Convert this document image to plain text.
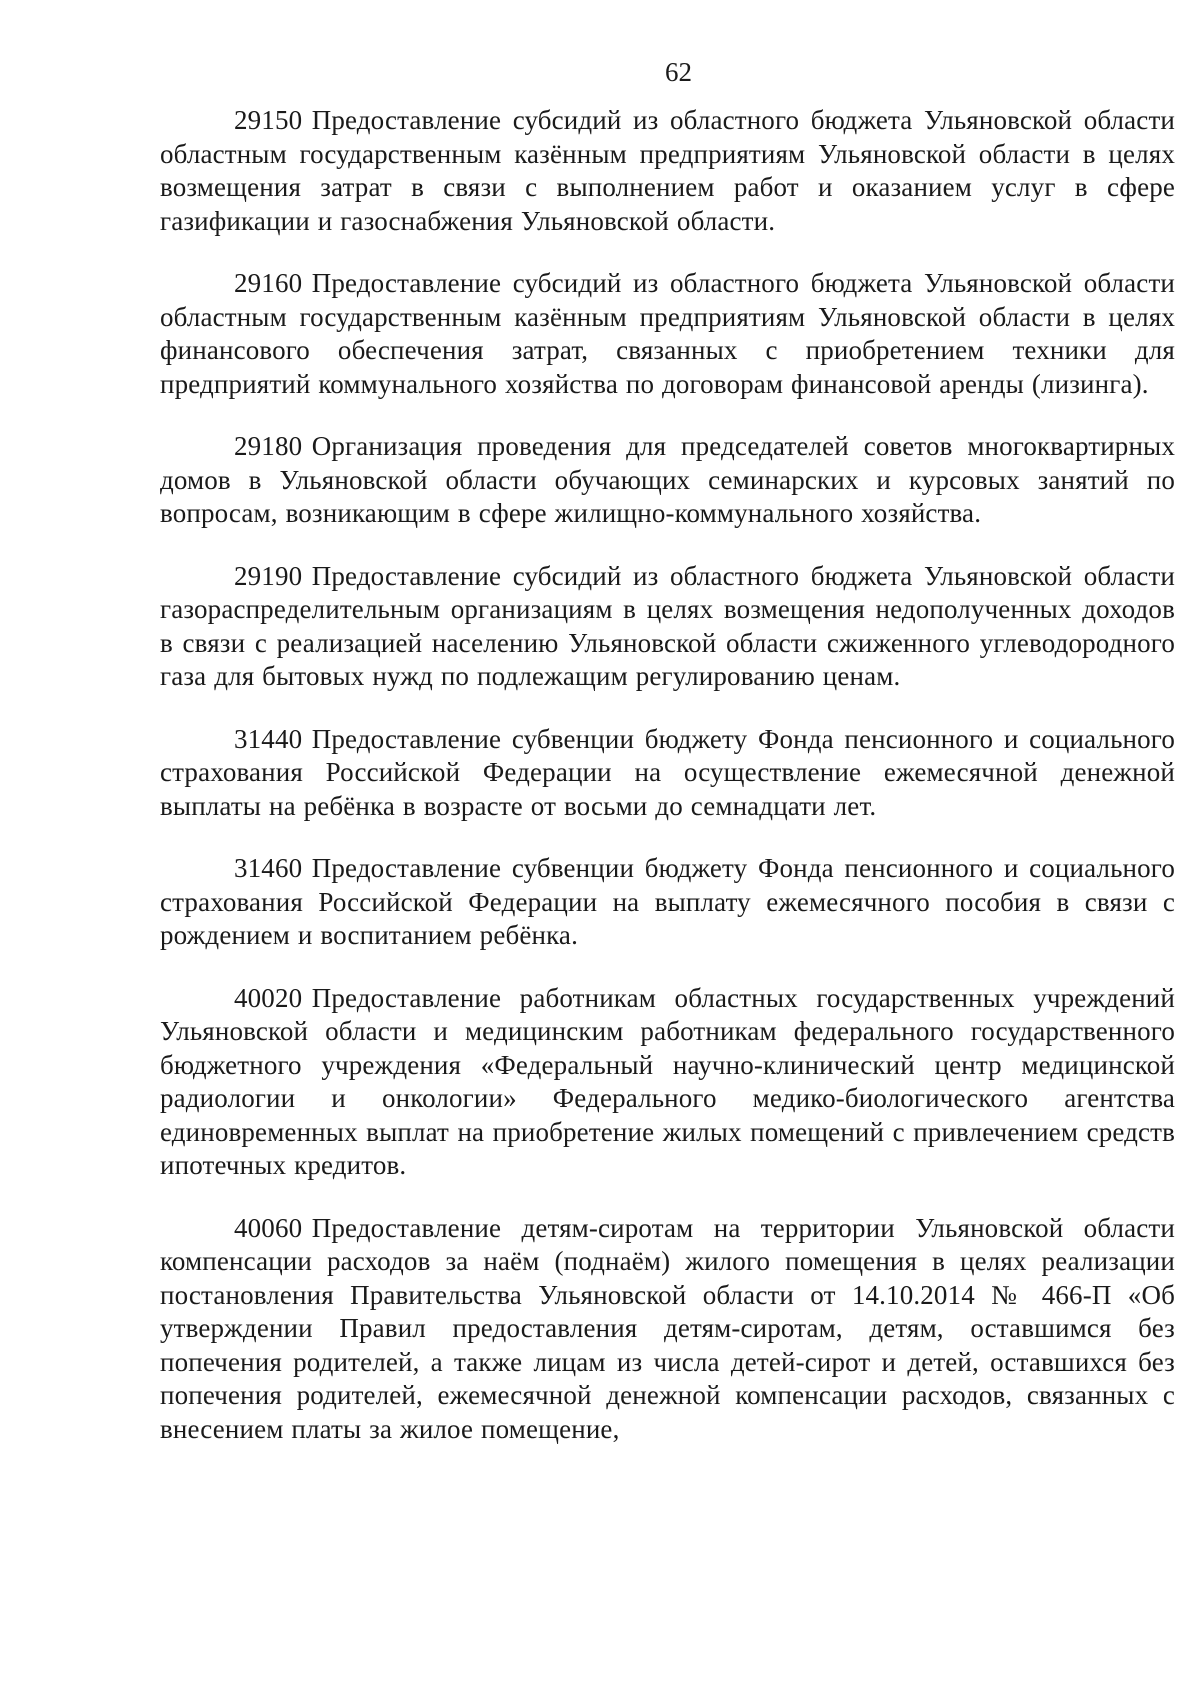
62

29150 Предоставление субсидий из областного бюджета Ульяновской области областным государственным казённым предприятиям Ульяновской области в целях возмещения затрат в связи с выполнением работ и оказанием услуг в сфере газификации и газоснабжения Ульяновской области.

29160 Предоставление субсидий из областного бюджета Ульяновской области областным государственным казённым предприятиям Ульяновской области в целях финансового обеспечения затрат, связанных с приобретением техники для предприятий коммунального хозяйства по договорам финансовой аренды (лизинга).

29180 Организация проведения для председателей советов многоквартирных домов в Ульяновской области обучающих семинарских и курсовых занятий по вопросам, возникающим в сфере жилищно-коммунального хозяйства.

29190 Предоставление субсидий из областного бюджета Ульяновской области газораспределительным организациям в целях возмещения недополученных доходов в связи с реализацией населению Ульяновской области сжиженного углеводородного газа для бытовых нужд по подлежащим регулированию ценам.

31440 Предоставление субвенции бюджету Фонда пенсионного и социального страхования Российской Федерации на осуществление ежемесячной денежной выплаты на ребёнка в возрасте от восьми до семнадцати лет.

31460 Предоставление субвенции бюджету Фонда пенсионного и социального страхования Российской Федерации на выплату ежемесячного пособия в связи с рождением и воспитанием ребёнка.

40020 Предоставление работникам областных государственных учреждений Ульяновской области и медицинским работникам федерального государственного бюджетного учреждения «Федеральный научно-клинический центр медицинской радиологии и онкологии» Федерального медико-биологического агентства единовременных выплат на приобретение жилых помещений с привлечением средств ипотечных кредитов.

40060 Предоставление детям-сиротам на территории Ульяновской области компенсации расходов за наём (поднаём) жилого помещения в целях реализации постановления Правительства Ульяновской области от 14.10.2014 № 466-П «Об утверждении Правил предоставления детям-сиротам, детям, оставшимся без попечения родителей, а также лицам из числа детей-сирот и детей, оставшихся без попечения родителей, ежемесячной денежной компенсации расходов, связанных с внесением платы за жилое помещение,
